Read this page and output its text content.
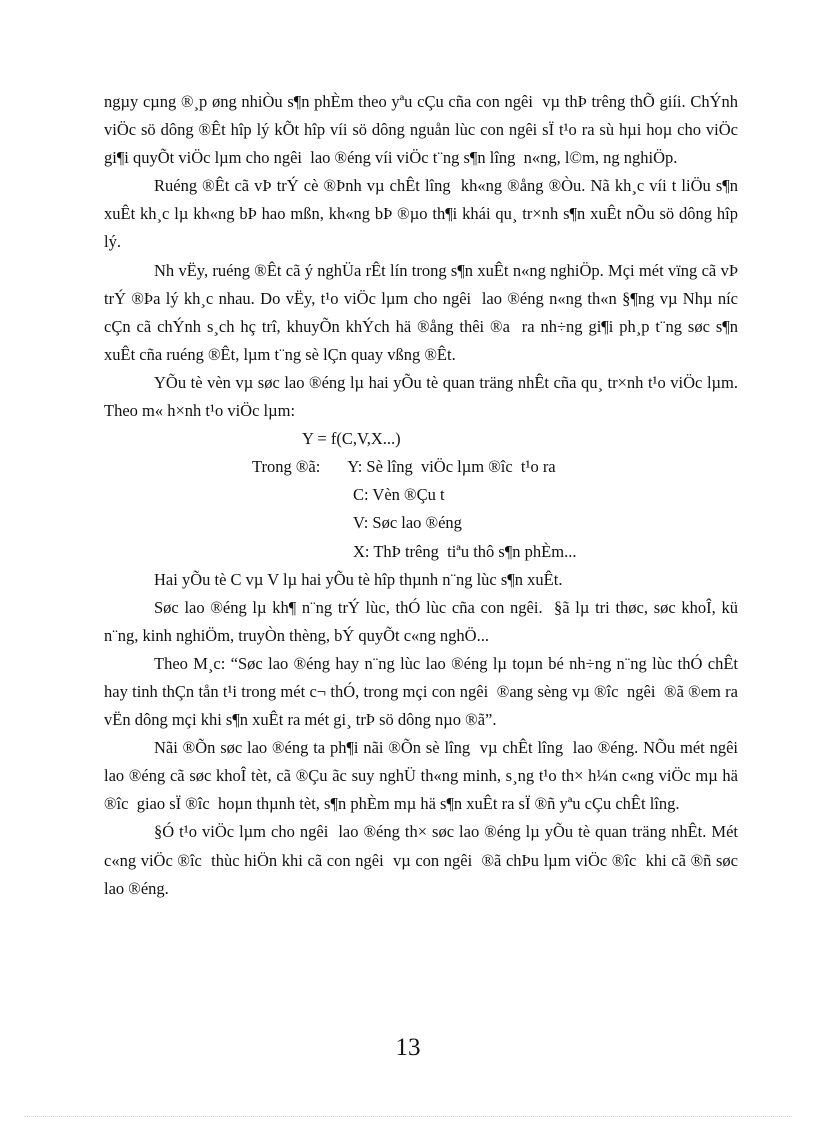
ngµy cµng ®¸p øng nhiÒu s¶n phÈm theo yªu cÇu cña con ngêi  vµ thÞ trêng thÕ giíi. ChÝnh viÖc sö dông ®Êt hîp lý kÕt hîp víi sö dông nguån lùc con ngêi sÏ t¹o ra sù hµi hoµ cho viÖc gi¶i quyÕt viÖc lµm cho ngêi  lao ®éng víi viÖc t¨ng s¶n lîng  n«ng, l©m, ng nghiÖp.

Ruéng ®Êt cã vÞ trÝ cè ®Þnh vµ chÊt lîng  kh«ng ®ång ®Òu. Nã kh¸c víi t liÖu s¶n xuÊt kh¸c lµ kh«ng bÞ hao mßn, kh«ng bÞ ®µo th¶i khái qu¸ tr×nh s¶n xuÊt nÕu sö dông hîp lý.

Nh vËy, ruéng ®Êt cã ý nghÜa rÊt lín trong s¶n xuÊt n«ng nghiÖp. Mçi mét vïng cã vÞ trÝ ®Þa lý kh¸c nhau. Do vËy, t¹o viÖc lµm cho ngêi  lao ®éng n«ng th«n §¶ng vµ Nhµ níc  cÇn cã chÝnh s¸ch hç trî, khuyÕn khÝch hä ®ång thêi ®a  ra nh÷ng gi¶i ph¸p t¨ng søc s¶n xuÊt cña ruéng ®Êt, lµm t¨ng sè lÇn quay vßng ®Êt.

YÕu tè vèn vµ søc lao ®éng lµ hai yÕu tè quan träng nhÊt cña qu¸ tr×nh t¹o viÖc lµm. Theo m« h×nh t¹o viÖc lµm:

Y = f(C,V,X...)

Trong ®ã: Y: Sè lîng  viÖc lµm ®îc  t¹o ra

C: Vèn ®Çu t

V: Søc lao ®éng

X: ThÞ trêng  tiªu thô s¶n phÈm...

Hai yÕu tè C vµ V lµ hai yÕu tè hîp thµnh n¨ng lùc s¶n xuÊt.

Søc lao ®éng lµ kh¶ n¨ng trÝ lùc, thÓ lùc cña con ngêi.  §ã lµ tri thøc, søc khoÎ, kü n¨ng, kinh nghiÖm, truyÒn thèng, bÝ quyÕt c«ng nghÖ...

Theo M¸c: “Søc lao ®éng hay n¨ng lùc lao ®éng lµ toµn bé nh÷ng n¨ng lùc thÓ chÊt hay tinh thÇn tån t¹i trong mét c¬ thÓ, trong mçi con ngêi  ®ang sèng vµ ®îc  ngêi  ®ã ®em ra vËn dông mçi khi s¶n xuÊt ra mét gi¸ trÞ sö dông nµo ®ã”.

Nãi ®Õn søc lao ®éng ta ph¶i nãi ®Õn sè lîng  vµ chÊt lîng  lao ®éng. NÕu mét ngêi  lao ®éng cã søc khoÎ tèt, cã ®Çu ãc suy nghÜ th«ng minh, s¸ng t¹o th× h¼n c«ng viÖc mµ hä ®îc  giao sÏ ®îc  hoµn thµnh tèt, s¶n phÈm mµ hä s¶n xuÊt ra sÏ ®ñ yªu cÇu chÊt lîng.

§Ó t¹o viÖc lµm cho ngêi  lao ®éng th× søc lao ®éng lµ yÕu tè quan träng nhÊt. Mét c«ng viÖc ®îc  thùc hiÖn khi cã con ngêi  vµ con ngêi  ®ã chÞu lµm viÖc ®îc  khi cã ®ñ søc lao ®éng.

13
